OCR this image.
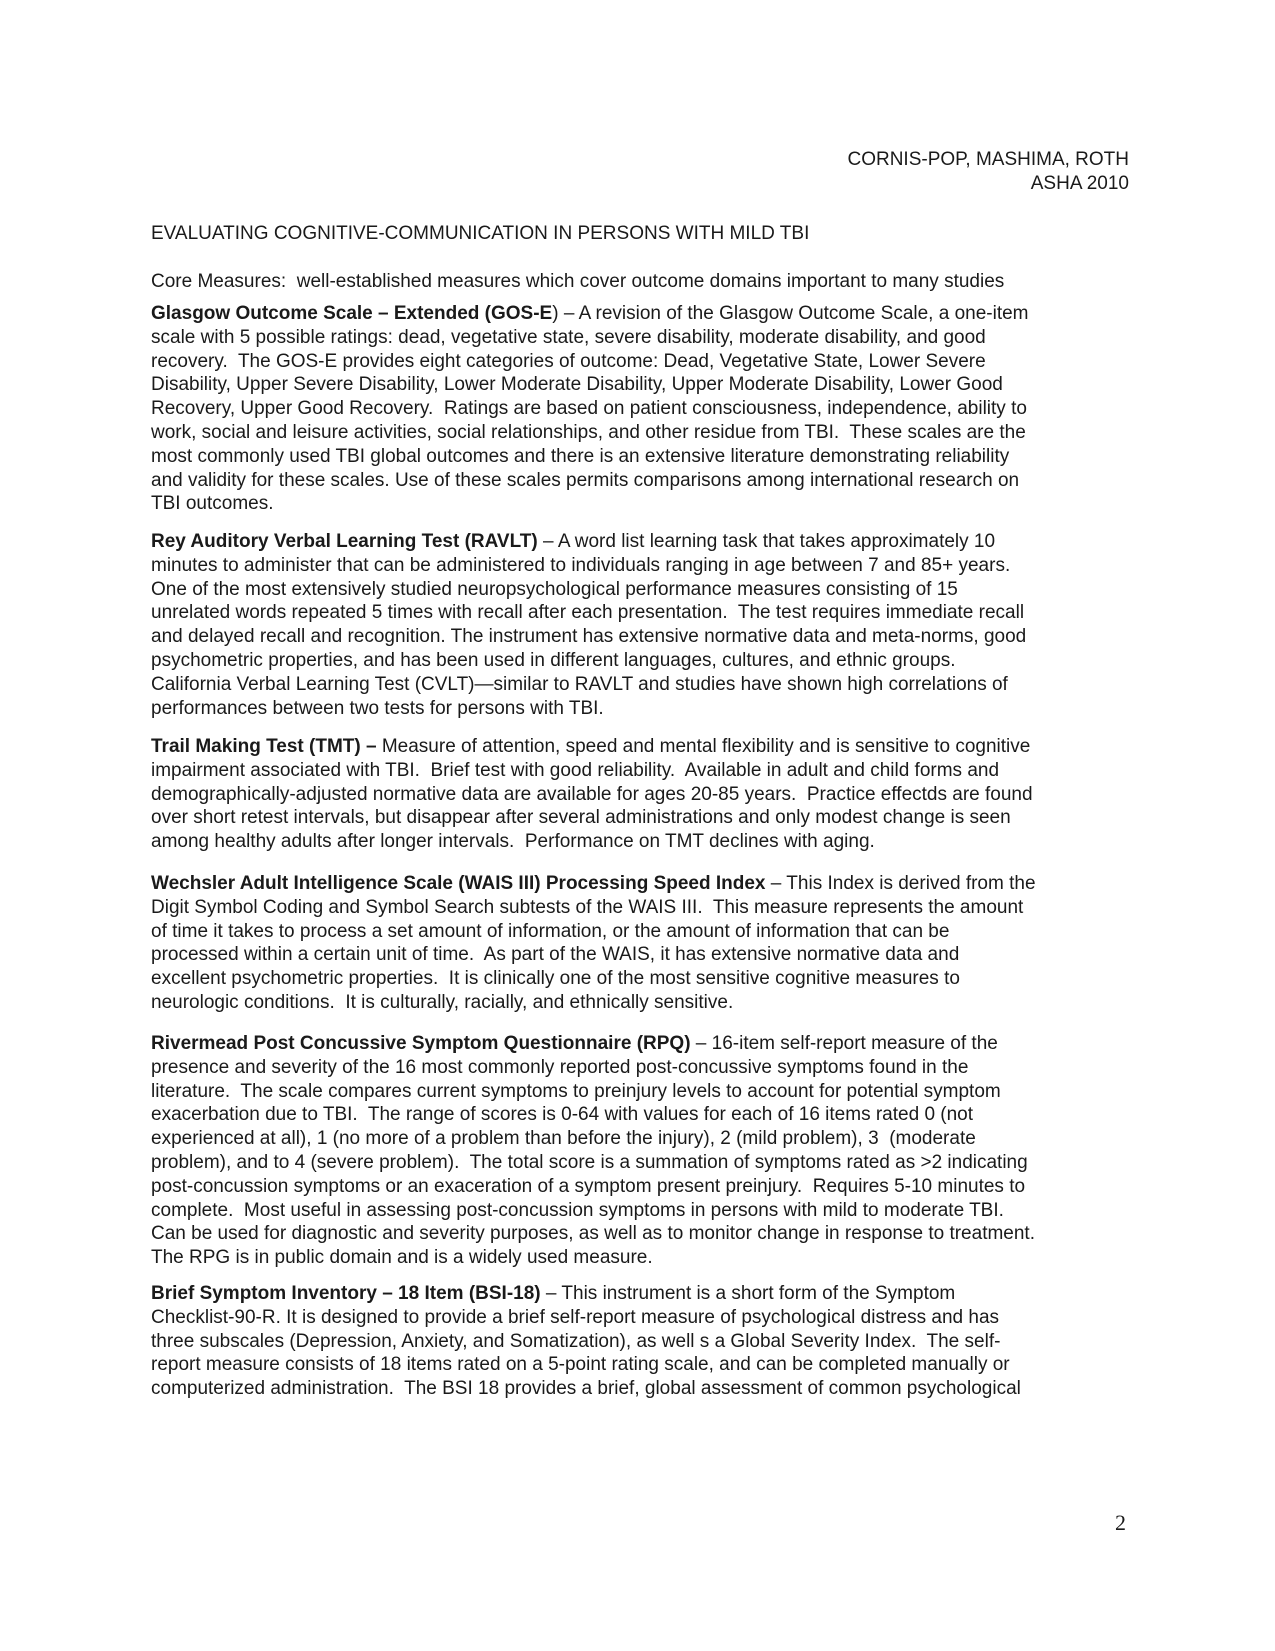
CORNIS-POP, MASHIMA, ROTH
ASHA 2010
EVALUATING COGNITIVE-COMMUNICATION IN PERSONS WITH MILD TBI
Core Measures:  well-established measures which cover outcome domains important to many studies
Glasgow Outcome Scale – Extended (GOS-E) – A revision of the Glasgow Outcome Scale, a one-item
scale with 5 possible ratings: dead, vegetative state, severe disability, moderate disability, and good
recovery.  The GOS-E provides eight categories of outcome: Dead, Vegetative State, Lower Severe
Disability, Upper Severe Disability, Lower Moderate Disability, Upper Moderate Disability, Lower Good
Recovery, Upper Good Recovery.  Ratings are based on patient consciousness, independence, ability to
work, social and leisure activities, social relationships, and other residue from TBI.  These scales are the
most commonly used TBI global outcomes and there is an extensive literature demonstrating reliability
and validity for these scales. Use of these scales permits comparisons among international research on
TBI outcomes.
Rey Auditory Verbal Learning Test (RAVLT) – A word list learning task that takes approximately 10
minutes to administer that can be administered to individuals ranging in age between 7 and 85+ years.
One of the most extensively studied neuropsychological performance measures consisting of 15
unrelated words repeated 5 times with recall after each presentation.  The test requires immediate recall
and delayed recall and recognition. The instrument has extensive normative data and meta-norms, good
psychometric properties, and has been used in different languages, cultures, and ethnic groups.
California Verbal Learning Test (CVLT)—similar to RAVLT and studies have shown high correlations of
performances between two tests for persons with TBI.
Trail Making Test (TMT) – Measure of attention, speed and mental flexibility and is sensitive to cognitive
impairment associated with TBI.  Brief test with good reliability.  Available in adult and child forms and
demographically-adjusted normative data are available for ages 20-85 years.  Practice effectds are found
over short retest intervals, but disappear after several administrations and only modest change is seen
among healthy adults after longer intervals.  Performance on TMT declines with aging.
Wechsler Adult Intelligence Scale (WAIS III) Processing Speed Index – This Index is derived from the
Digit Symbol Coding and Symbol Search subtests of the WAIS III.  This measure represents the amount
of time it takes to process a set amount of information, or the amount of information that can be
processed within a certain unit of time.  As part of the WAIS, it has extensive normative data and
excellent psychometric properties.  It is clinically one of the most sensitive cognitive measures to
neurologic conditions.  It is culturally, racially, and ethnically sensitive.
Rivermead Post Concussive Symptom Questionnaire (RPQ) – 16-item self-report measure of the
presence and severity of the 16 most commonly reported post-concussive symptoms found in the
literature.  The scale compares current symptoms to preinjury levels to account for potential symptom
exacerbation due to TBI.  The range of scores is 0-64 with values for each of 16 items rated 0 (not
experienced at all), 1 (no more of a problem than before the injury), 2 (mild problem), 3  (moderate
problem), and to 4 (severe problem).  The total score is a summation of symptoms rated as >2 indicating
post-concussion symptoms or an exaceration of a symptom present preinjury.  Requires 5-10 minutes to
complete.  Most useful in assessing post-concussion symptoms in persons with mild to moderate TBI.
Can be used for diagnostic and severity purposes, as well as to monitor change in response to treatment.
The RPG is in public domain and is a widely used measure.
Brief Symptom Inventory – 18 Item (BSI-18) – This instrument is a short form of the Symptom
Checklist-90-R. It is designed to provide a brief self-report measure of psychological distress and has
three subscales (Depression, Anxiety, and Somatization), as well s a Global Severity Index.  The self-
report measure consists of 18 items rated on a 5-point rating scale, and can be completed manually or
computerized administration.  The BSI 18 provides a brief, global assessment of common psychological
2
